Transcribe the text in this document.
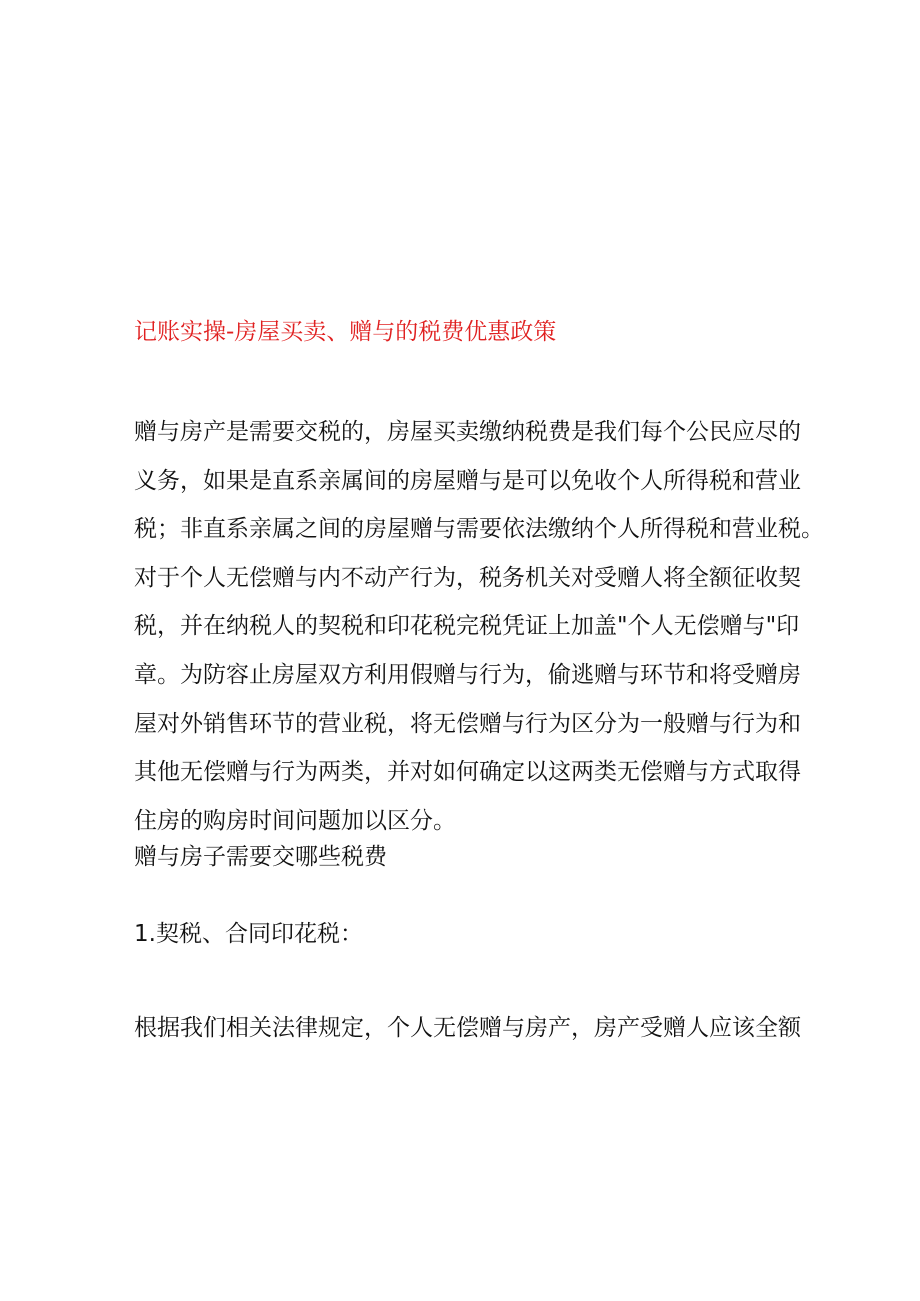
记账实操-房屋买卖、赠与的税费优惠政策
赠与房产是需要交税的，房屋买卖缴纳税费是我们每个公民应尽的
义务，如果是直系亲属间的房屋赠与是可以免收个人所得税和营业
税；非直系亲属之间的房屋赠与需要依法缴纳个人所得税和营业税。
对于个人无偿赠与内不动产行为，税务机关对受赠人将全额征收契
税，并在纳税人的契税和印花税完税凭证上加盖"个人无偿赠与"印
章。为防容止房屋双方利用假赠与行为，偷逃赠与环节和将受赠房
屋对外销售环节的营业税，将无偿赠与行为区分为一般赠与行为和
其他无偿赠与行为两类，并对如何确定以这两类无偿赠与方式取得
住房的购房时间问题加以区分。
赠与房子需要交哪些税费
1.契税、合同印花税：
根据我们相关法律规定，个人无偿赠与房产，房产受赠人应该全额
